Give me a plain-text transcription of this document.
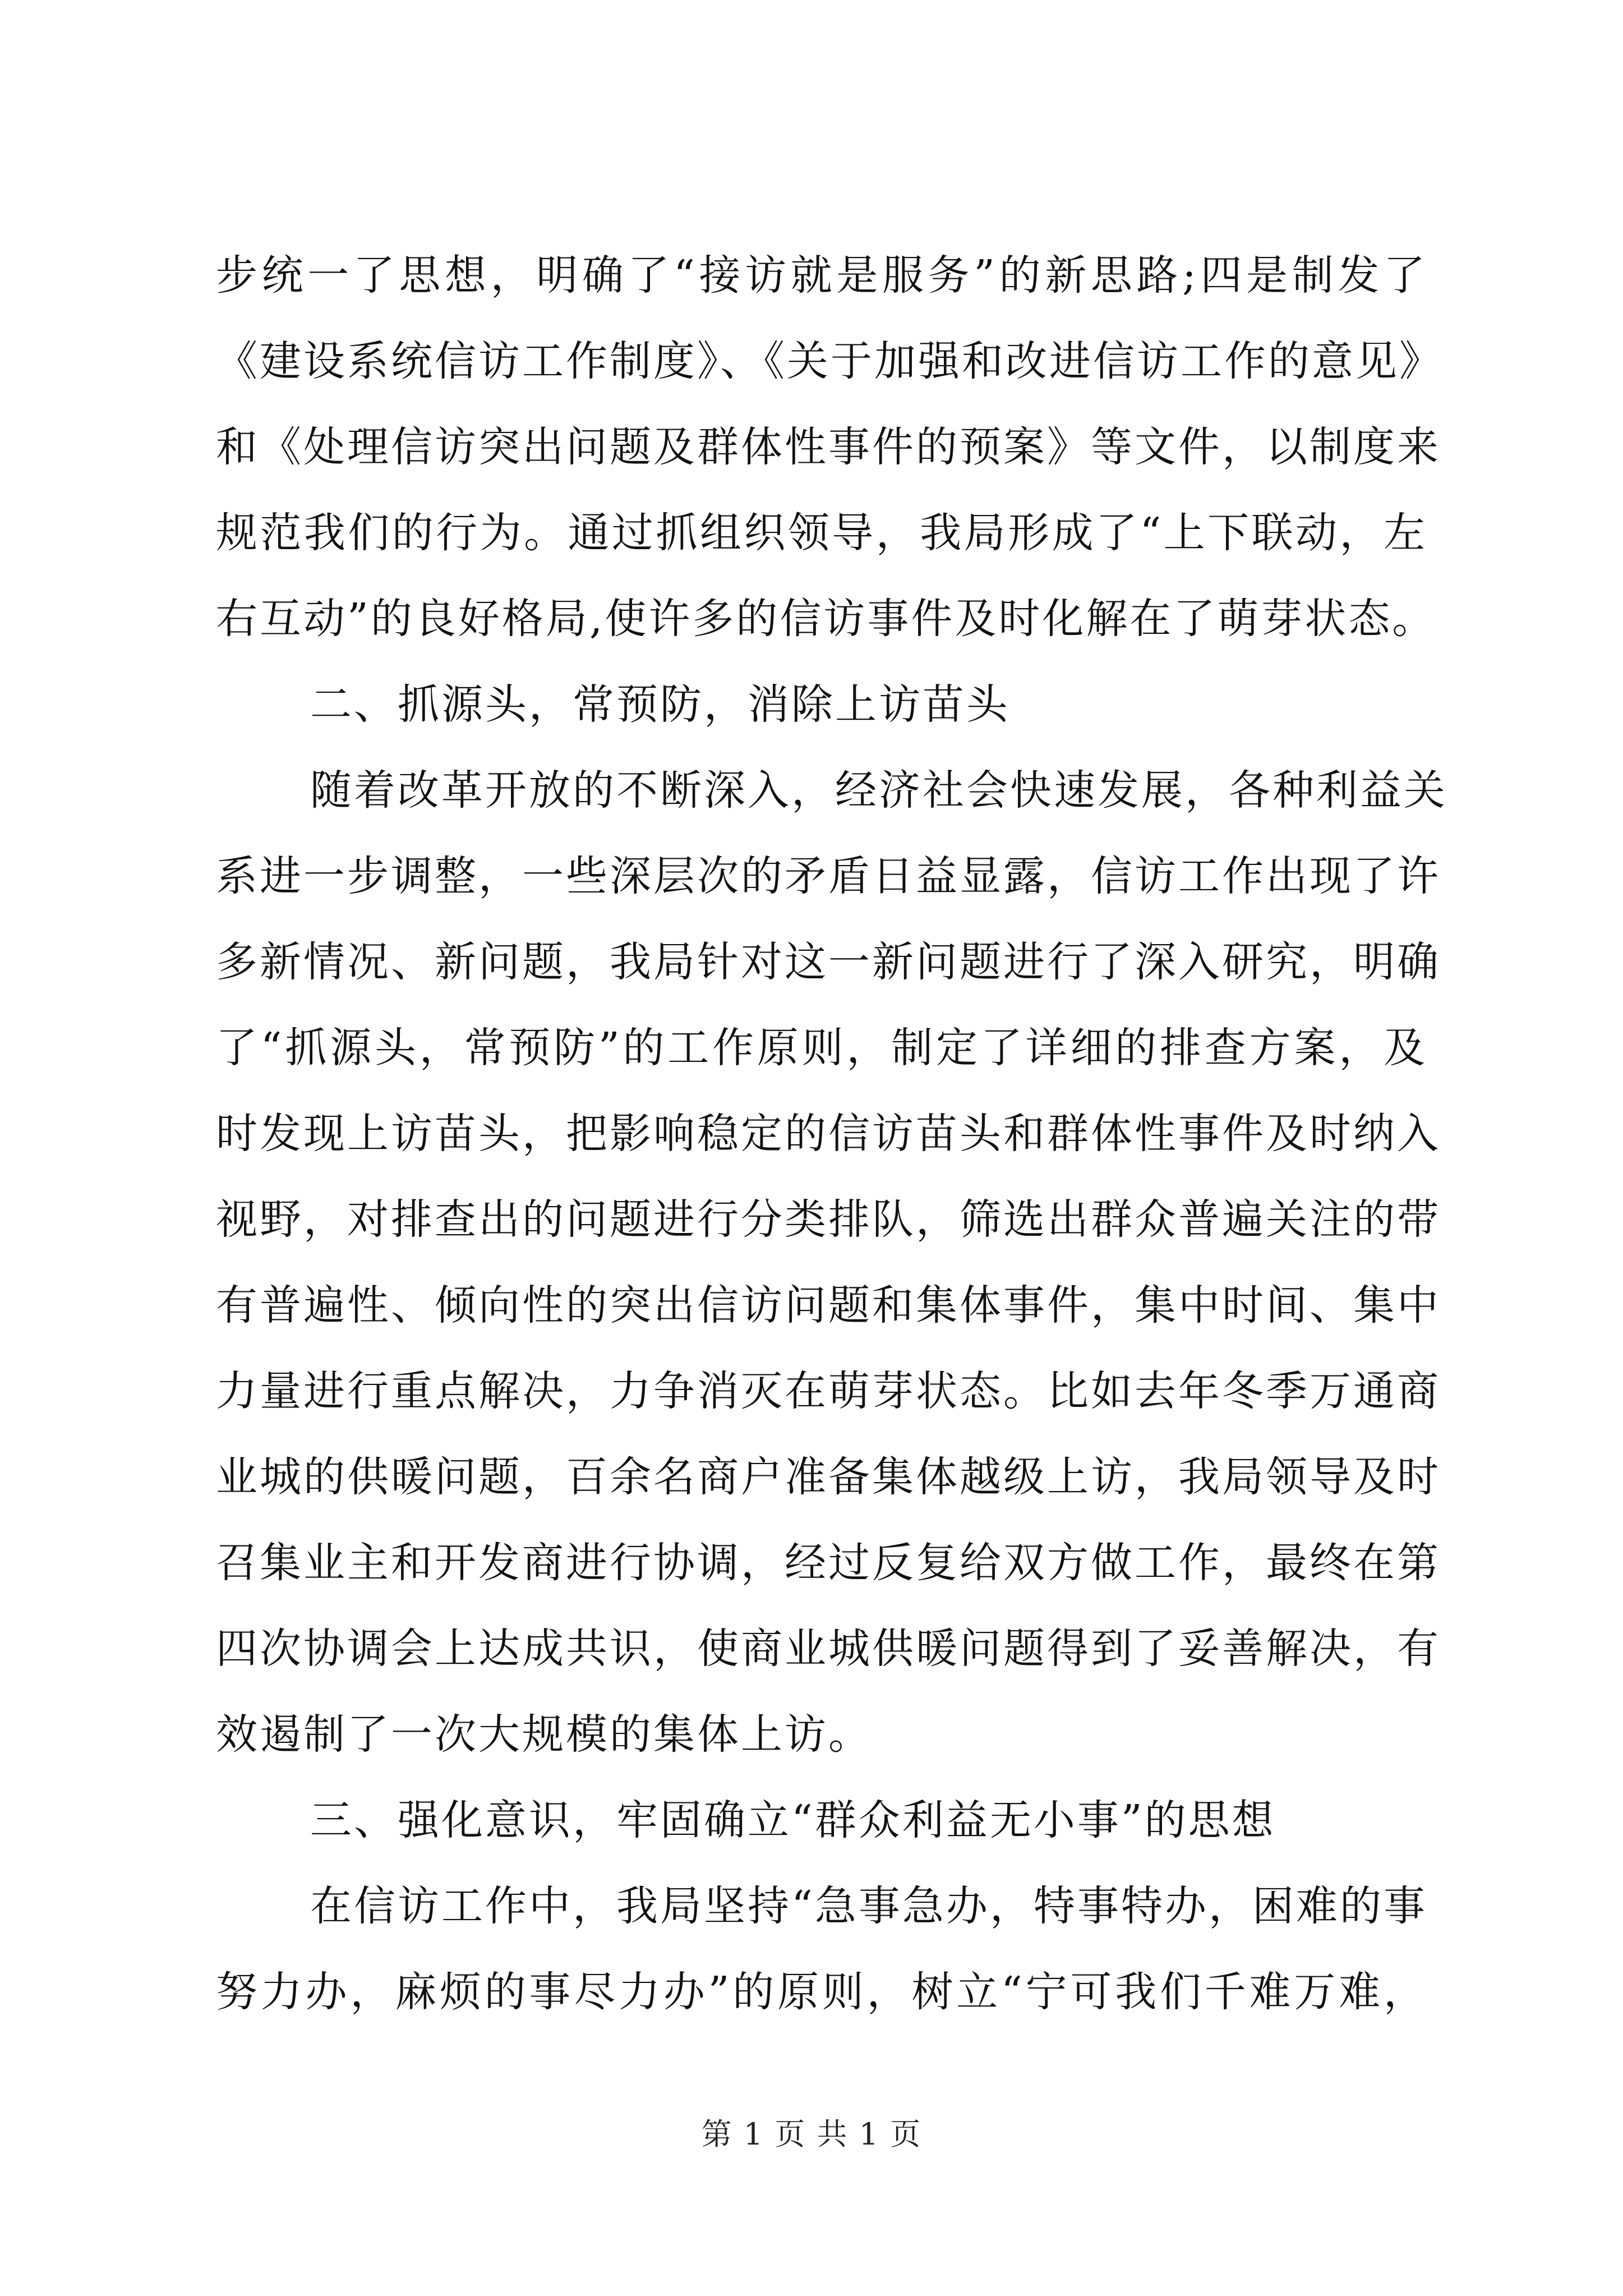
步统一了思想，明确了“接访就是服务”的新思路;四是制发了
《建设系统信访工作制度》、《关于加强和改进信访工作的意见》
和《处理信访突出问题及群体性事件的预案》等文件，以制度来
规范我们的行为。通过抓组织领导，我局形成了“上下联动，左
右互动”的良好格局,使许多的信访事件及时化解在了萌芽状态。
二、抓源头，常预防，消除上访苗头
随着改革开放的不断深入，经济社会快速发展，各种利益关
系进一步调整，一些深层次的矛盾日益显露，信访工作出现了许
多新情况、新问题，我局针对这一新问题进行了深入研究，明确
了“抓源头，常预防”的工作原则，制定了详细的排查方案，及
时发现上访苗头，把影响稳定的信访苗头和群体性事件及时纳入
视野，对排查出的问题进行分类排队，筛选出群众普遍关注的带
有普遍性、倾向性的突出信访问题和集体事件，集中时间、集中
力量进行重点解决，力争消灭在萌芽状态。比如去年冬季万通商
业城的供暖问题，百余名商户准备集体越级上访，我局领导及时
召集业主和开发商进行协调，经过反复给双方做工作，最终在第
四次协调会上达成共识，使商业城供暖问题得到了妥善解决，有
效遏制了一次大规模的集体上访。
三、强化意识，牢固确立“群众利益无小事”的思想
在信访工作中，我局坚持“急事急办，特事特办，困难的事
努力办，麻烦的事尽力办”的原则，树立“宁可我们千难万难，
第 1 页 共 1 页
